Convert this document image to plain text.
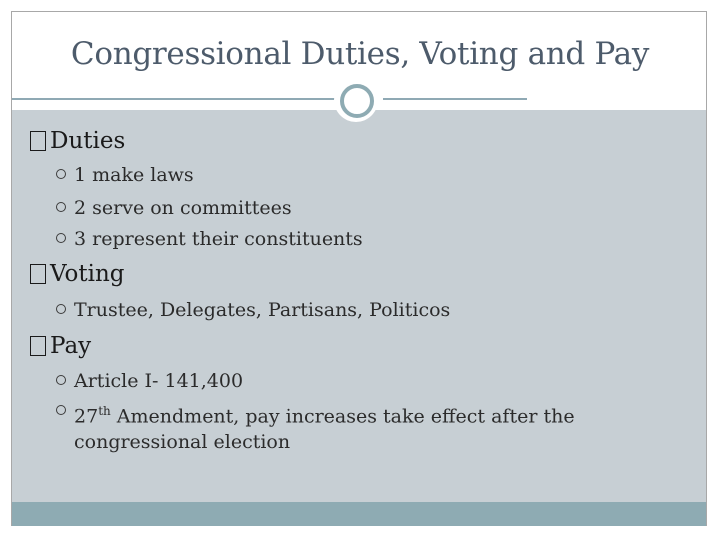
Congressional Duties, Voting and Pay
Duties
1 make laws
2 serve on committees
3 represent their constituents
Voting
Trustee, Delegates, Partisans, Politicos
Pay
Article I- 141,400
27th Amendment, pay increases take effect after the
congressional election
